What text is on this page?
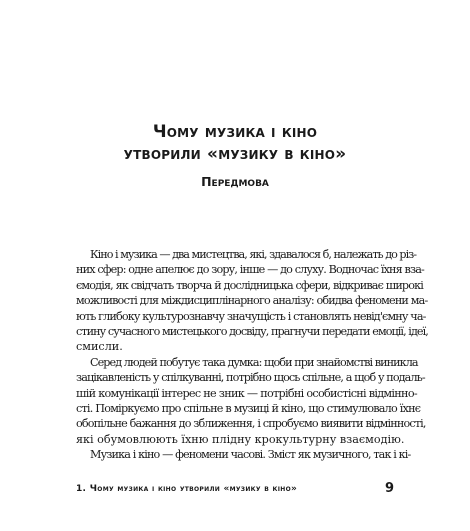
Чому музика і кіно
утворили «музику в кіно»
Передмова

Кіно і музика — два мистецтва, які, здавалося б, належать до різ-
них сфер: одне апелює до зору, інше — до слуху. Водночас їхня вза-
ємодія, як свідчать творча й дослідницька сфери, відкриває широкі
можливості для міждисциплінарного аналізу: обидва феномени ма-
ють глибоку культурознавчу значущість і становлять невід'ємну ча-
стину сучасного мистецького досвіду, прагнучи передати емоції, ідеї,
смисли.

Серед людей побутує така думка: щоби при знайомстві виникла
зацікавленість у спілкуванні, потрібно щось спільне, а щоб у подаль-
шій комунікації інтерес не зник — потрібні особистісні відмінно-
сті. Поміркуємо про спільне в музиці й кіно, що стимулювало їхнє
обопільне бажання до зближення, і спробуємо виявити відмінності,
які обумовлюють їхню плідну крокультурну взаємодію.

Музика і кіно — феномени часові. Зміст як музичного, так і кі-

1. Чому музика і кіно утворили «музику в кіно»	9
